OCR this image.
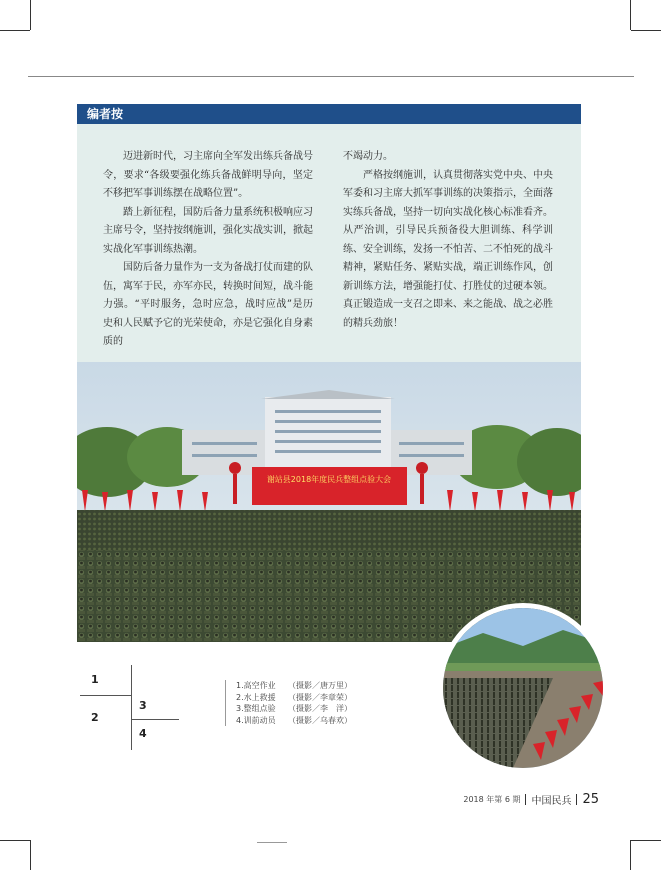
编者按

迈进新时代，习主席向全军发出练兵备战号令，要求“各级要强化练兵备战鲜明导向，坚定不移把军事训练摆在战略位置”。

踏上新征程，国防后备力量系统积极响应习主席号令，坚持按纲施训，强化实战实训，掀起实战化军事训练热潮。

国防后备力量作为一支为备战打仗而建的队伍，寓军于民，亦军亦民，转换时间短，战斗能力强。“平时服务，急时应急，战时应战”是历史和人民赋予它的光荣使命，亦是它强化自身素质的

不竭动力。

严格按纲施训，认真贯彻落实党中央、中央军委和习主席大抓军事训练的决策指示，全面落实练兵备战，坚持一切向实战化核心标准看齐。从严治训，引导民兵预备役大胆训练、科学训练、安全训练，发扬一不怕苦、二不怕死的战斗精神，紧贴任务、紧贴实战，端正训练作风，创新训练方法，增强能打仗、打胜仗的过硬本领。真正锻造成一支召之即来、来之能战、战之必胜的精兵劲旅！

谢站县2018年度民兵整组点验大会
1
2
3
4
1.高空作业 （摄影／唐万里）
2.水上救援 （摄影／李章荣）
3.整组点验 （摄影／李　洋）
4.训前动员 （摄影／乌春欢）
2018 年第 6 期 中国民兵 25
